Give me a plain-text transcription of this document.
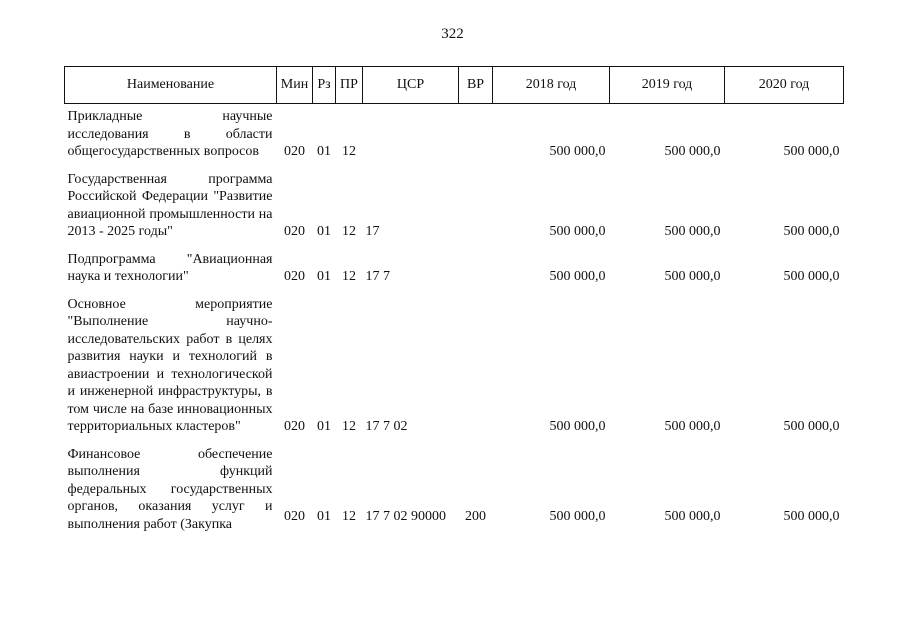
322
Наименование	Мин	Рз	ПР	ЦСР	ВР	2018 год	2019 год	2020 год
Прикладные научные исследования в области общегосударственных вопросов	020	01	12			500 000,0	500 000,0	500 000,0
Государственная программа Российской Федерации "Развитие авиационной промышленности на 2013 - 2025 годы"	020	01	12	17		500 000,0	500 000,0	500 000,0
Подпрограмма "Авиационная наука и технологии"	020	01	12	17 7		500 000,0	500 000,0	500 000,0
Основное мероприятие "Выполнение научно-исследовательских работ в целях развития науки и технологий в авиастроении и технологической и инженерной инфраструктуры, в том числе на базе инновационных территориальных кластеров"	020	01	12	17 7 02		500 000,0	500 000,0	500 000,0
Финансовое обеспечение выполнения функций федеральных государственных органов, оказания услуг и выполнения работ (Закупка	020	01	12	17 7 02 90000	200	500 000,0	500 000,0	500 000,0
